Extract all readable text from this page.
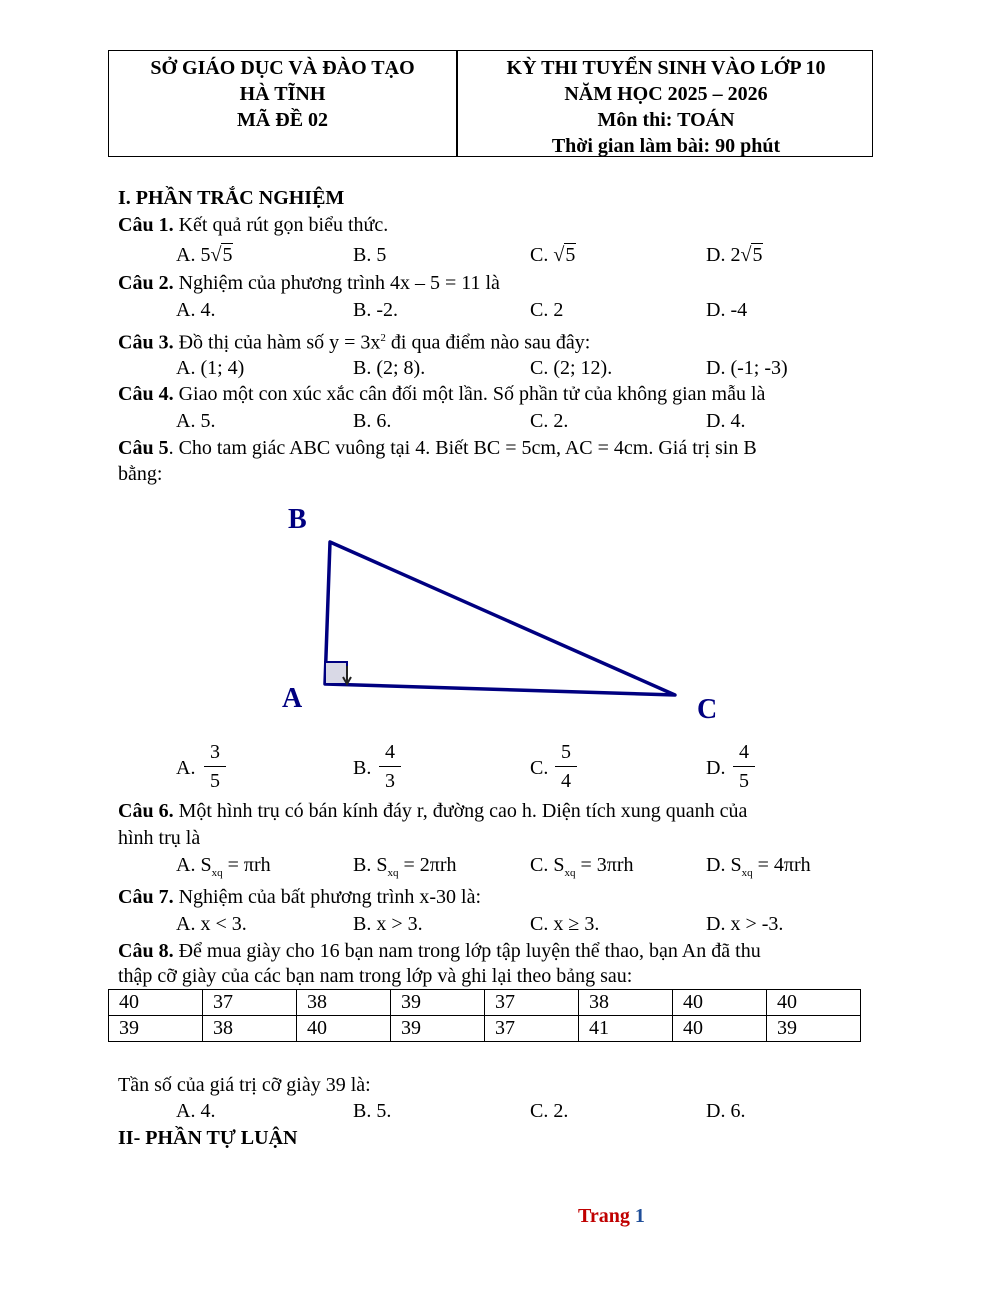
SỞ GIÁO DỤC VÀ ĐÀO TẠO
HÀ TĨNH
MÃ ĐỀ 02
KỲ THI TUYỂN SINH VÀO LỚP 10
NĂM HỌC 2025 – 2026
Môn thi: TOÁN
Thời gian làm bài: 90 phút
I. PHẦN TRẮC NGHIỆM
Câu 1. Kết quả rút gọn biểu thức.
A. 5√5	B. 5	C. √5	D. 2√5
Câu 2. Nghiệm của phương trình 4x – 5 = 11 là
A. 4.	B. -2.	C. 2	D. -4
Câu 3. Đồ thị của hàm số $y = 3x^2$ đi qua điểm nào sau đây:
A. (1; 4)	B. (2; 8).	C. (2; 12).	D. (-1; -3)
Câu 4. Giao một con xúc xắc cân đối một lần. Số phần tử của không gian mẫu là
A. 5.	B. 6.	C. 2.	D. 4.
Câu 5. Cho tam giác ABC vuông tại 4. Biết BC = 5cm, AC = 4cm. Giá trị sin B
bằng:
B
A	C
A.
3
5
B.
4
3
C.
5
4
D.
4
5
Câu 6. Một hình trụ có bán kính đáy r, đường cao h. Diện tích xung quanh của
hình trụ là
A. $S_{xq} = \pi rh$	B. $S_{xq} = 2\pi rh$	C. $S_{xq} = 3\pi rh$	D. $S_{xq} = 4\pi rh$
Câu 7. Nghiệm của bất phương trình x-30 là:
A. x < 3.	B. x > 3.	C. x ≥ 3.	D. x > -3.
Câu 8. Để mua giày cho 16 bạn nam trong lớp tập luyện thể thao, bạn An đã thu
thập cỡ giày của các bạn nam trong lớp và ghi lại theo bảng sau:
40	37	38	39	37	38	40	40
39	38	40	39	37	41	40	39
Tần số của giá trị cỡ giày 39 là:
A. 4.	B. 5.	C. 2.	D. 6.
II- PHẦN TỰ LUẬN
Trang 1
